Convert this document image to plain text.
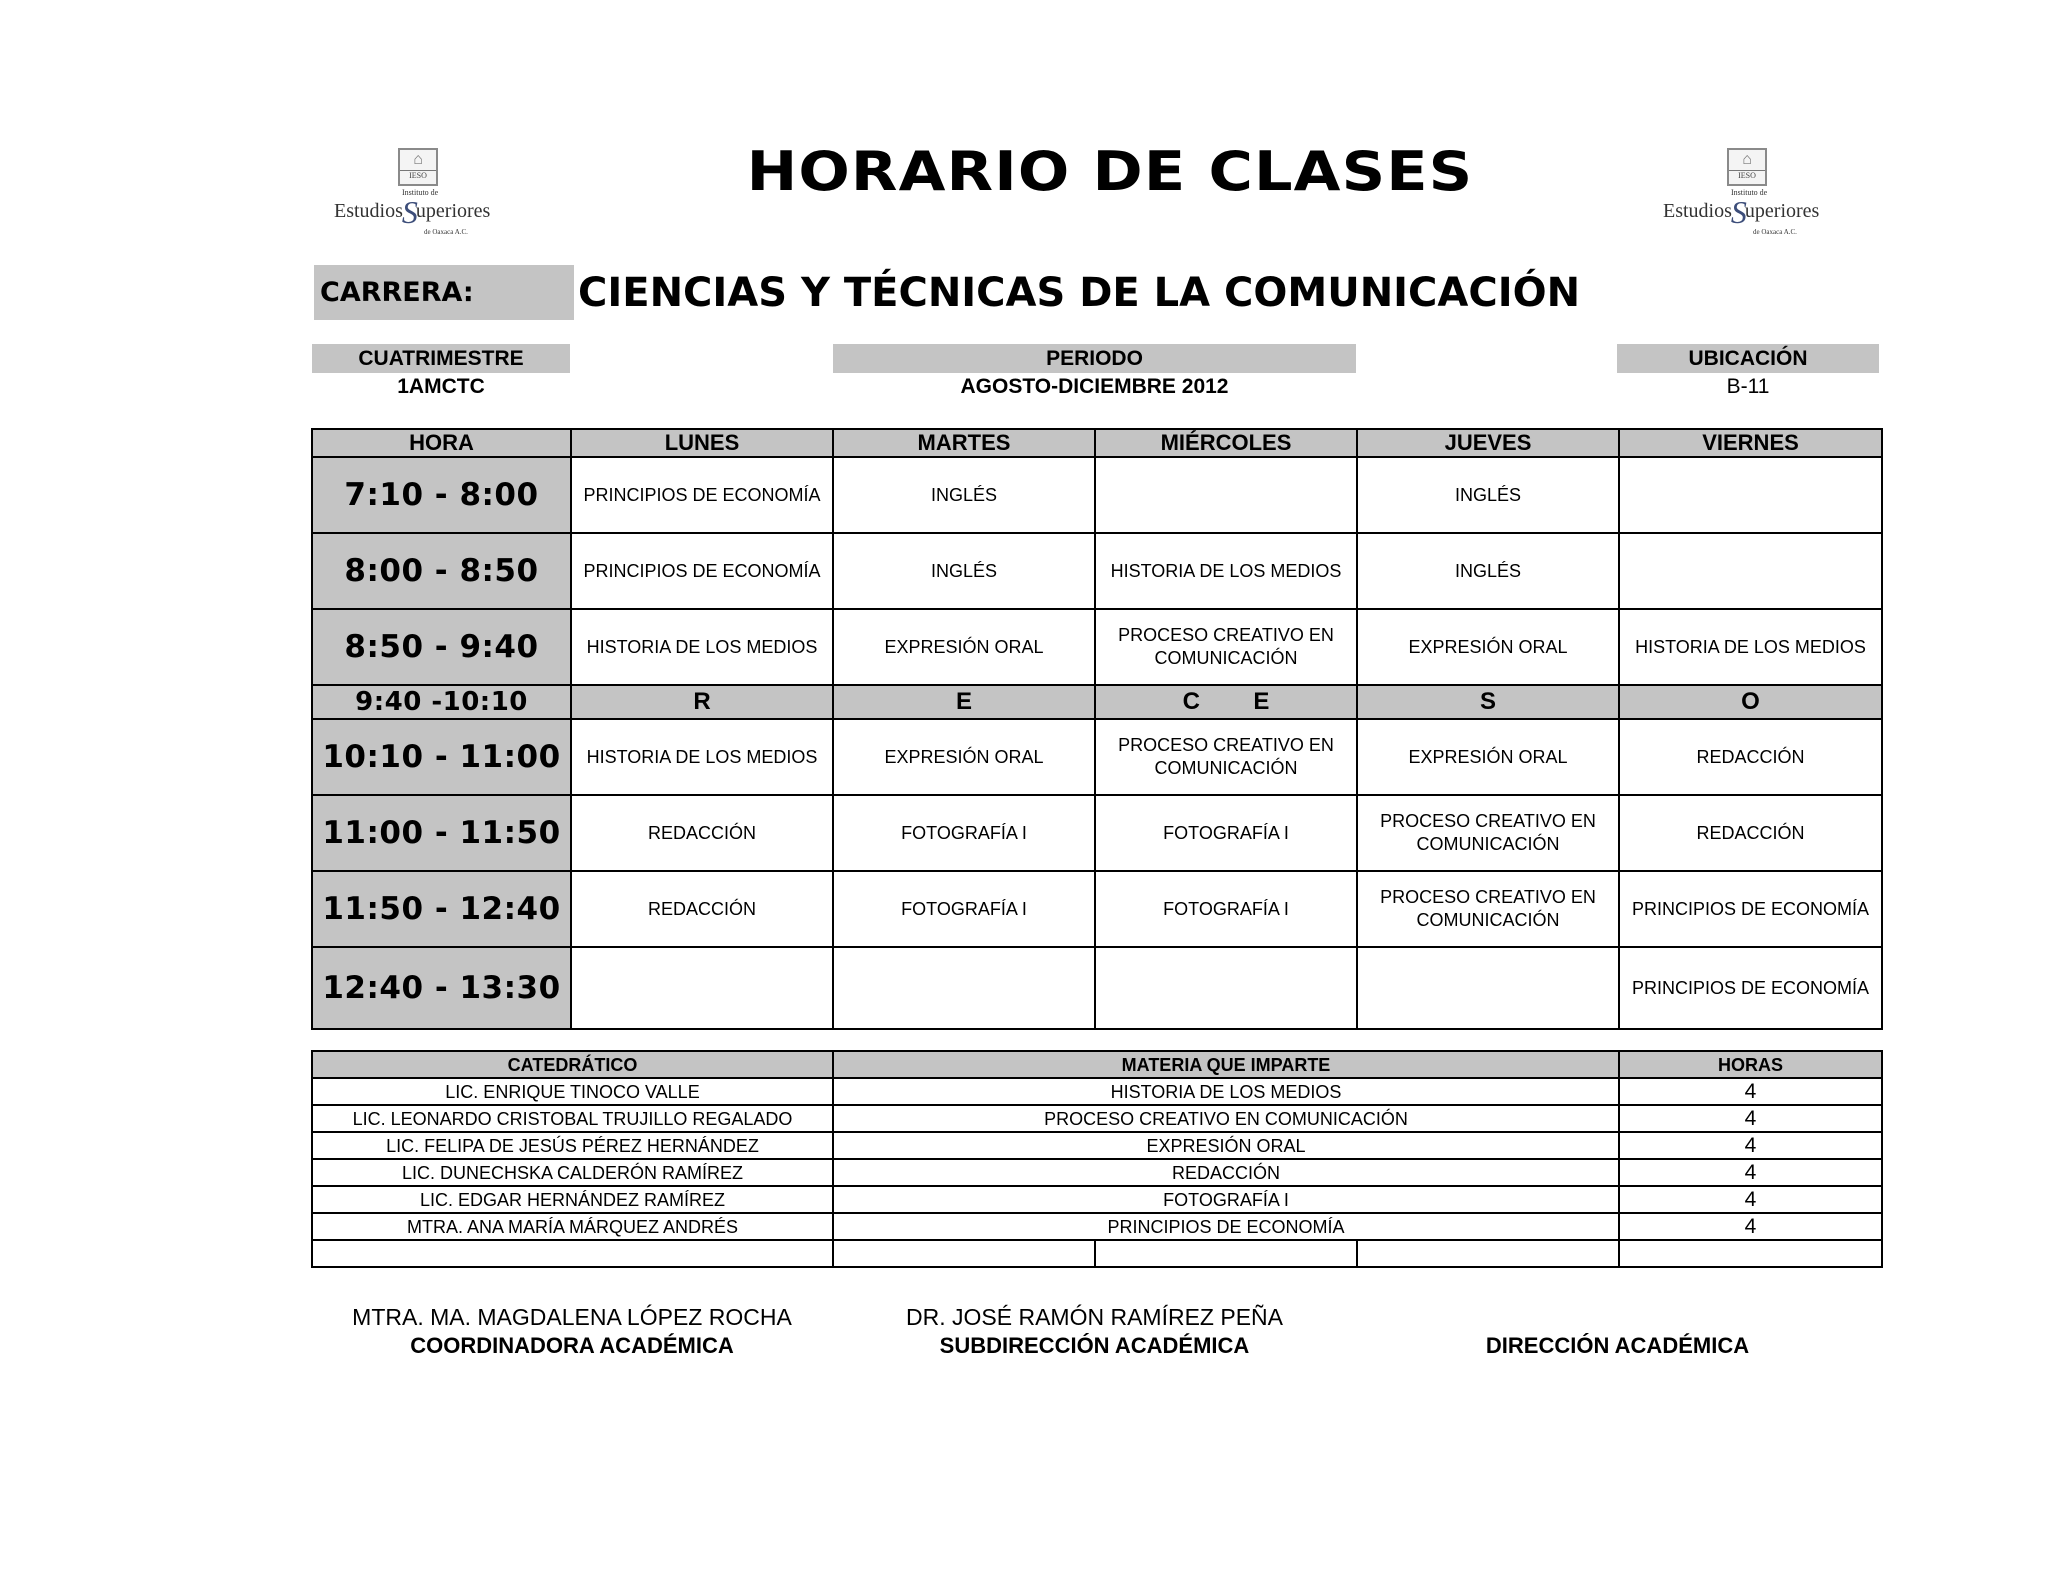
⌂
IESO
Instituto de
EstudiosSuperiores
de Oaxaca A.C.
⌂
IESO
Instituto de
EstudiosSuperiores
de Oaxaca A.C.
HORARIO DE CLASES
CARRERA:	CIENCIAS Y TÉCNICAS DE LA COMUNICACIÓN
CUATRIMESTRE
1AMCTC
PERIODO
AGOSTO-DICIEMBRE 2012
UBICACIÓN
B-11
HORA	LUNES	MARTES	MIÉRCOLES	JUEVES	VIERNES
7:10 - 8:00	PRINCIPIOS DE ECONOMÍA	INGLÉS		INGLÉS	
8:00 - 8:50	PRINCIPIOS DE ECONOMÍA	INGLÉS	HISTORIA DE LOS MEDIOS	INGLÉS	
8:50 - 9:40	HISTORIA DE LOS MEDIOS	EXPRESIÓN ORAL	PROCESO CREATIVO EN COMUNICACIÓN	EXPRESIÓN ORAL	HISTORIA DE LOS MEDIOS
9:40 -10:10	R	E	C        E	S	O
10:10 - 11:00	HISTORIA DE LOS MEDIOS	EXPRESIÓN ORAL	PROCESO CREATIVO EN COMUNICACIÓN	EXPRESIÓN ORAL	REDACCIÓN
11:00 - 11:50	REDACCIÓN	FOTOGRAFÍA I	FOTOGRAFÍA I	PROCESO CREATIVO EN COMUNICACIÓN	REDACCIÓN
11:50 - 12:40	REDACCIÓN	FOTOGRAFÍA I	FOTOGRAFÍA I	PROCESO CREATIVO EN COMUNICACIÓN	PRINCIPIOS DE ECONOMÍA
12:40 - 13:30					PRINCIPIOS DE ECONOMÍA
CATEDRÁTICO	MATERIA QUE IMPARTE			HORAS
LIC. ENRIQUE TINOCO VALLE	HISTORIA DE LOS MEDIOS			4
LIC. LEONARDO CRISTOBAL TRUJILLO REGALADO	PROCESO CREATIVO EN COMUNICACIÓN			4
LIC. FELIPA DE JESÚS PÉREZ HERNÁNDEZ	EXPRESIÓN ORAL			4
LIC. DUNECHSKA CALDERÓN RAMÍREZ	REDACCIÓN			4
LIC. EDGAR HERNÁNDEZ RAMÍREZ	FOTOGRAFÍA I			4
MTRA. ANA MARÍA MÁRQUEZ ANDRÉS	PRINCIPIOS DE ECONOMÍA			4

MTRA. MA. MAGDALENA LÓPEZ ROCHA
COORDINADORA ACADÉMICA
DR. JOSÉ RAMÓN RAMÍREZ PEÑA
SUBDIRECCIÓN ACADÉMICA	DIRECCIÓN ACADÉMICA
